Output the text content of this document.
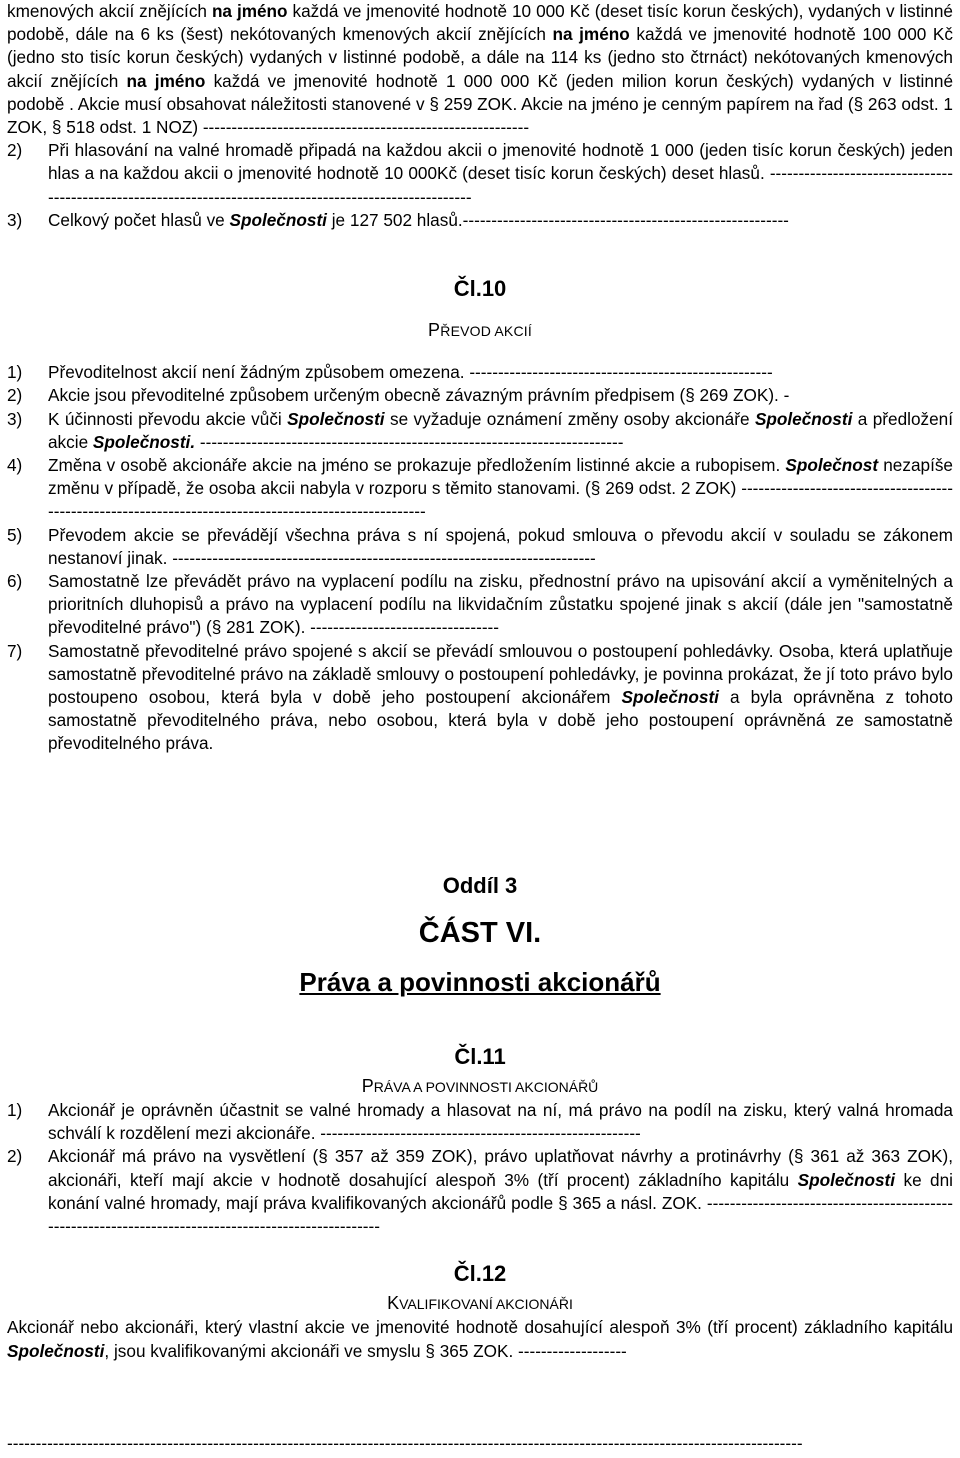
kmenových akcií znějících na jméno každá ve jmenovité hodnotě 10 000 Kč (deset tisíc korun českých), vydaných v listinné podobě, dále na 6 ks (šest) nekótovaných kmenových akcií znějících na jméno každá ve jmenovité hodnotě 100 000 Kč (jedno sto tisíc korun českých) vydaných v listinné podobě, a dále na 114 ks (jedno sto čtrnáct) nekótovaných kmenových akcií znějících na jméno každá ve jmenovité hodnotě 1 000 000 Kč (jeden milion korun českých) vydaných v listinné podobě . Akcie musí obsahovat náležitosti stanovené v § 259 ZOK. Akcie na jméno je cenným papírem na řad (§ 263 odst. 1 ZOK, § 518 odst. 1 NOZ) ---------------------------------------------------------
2)	Při hlasování na valné hromadě připadá na každou akcii o jmenovité hodnotě 1 000 (jeden tisíc korun českých) jeden hlas a na každou akcii o jmenovité hodnotě 10 000Kč (deset tisíc korun českých) deset hlasů. ----------------------------------------------------------------------------------------------------------
3)	Celkový počet hlasů ve Společnosti je 127 502 hlasů.---------------------------------------------------------
Čl.10
PŘEVOD AKCIÍ
1)	Převoditelnost akcií není žádným způsobem omezena. -----------------------------------------------------
2)	Akcie jsou převoditelné způsobem určeným obecně závazným právním předpisem (§ 269 ZOK). -
3)	K účinnosti převodu akcie vůči Společnosti se vyžaduje oznámení změny osoby akcionáře Společnosti a předložení akcie Společnosti. --------------------------------------------------------------------------
4)	Změna v osobě akcionáře akcie na jméno se prokazuje předložením listinné akcie a rubopisem. Společnost nezapíše změnu v případě, že osoba akcii nabyla v rozporu s těmito stanovami. (§ 269 odst. 2 ZOK) -------------------------------------------------------------------------------------------------------
5)	Převodem akcie se převádějí všechna práva s ní spojená, pokud smlouva o převodu akcií v souladu se zákonem nestanoví jinak. --------------------------------------------------------------------------
6)	Samostatně lze převádět právo na vyplacení podílu na zisku, přednostní právo na upisování akcií a vyměnitelných a prioritních dluhopisů a právo na vyplacení podílu na likvidačním zůstatku spojené jinak s akcií (dále jen "samostatně převoditelné právo") (§ 281 ZOK). ---------------------------------
7)	Samostatně převoditelné právo spojené s akcií se převádí smlouvou o postoupení pohledávky. Osoba, která uplatňuje samostatně převoditelné právo na základě smlouvy o postoupení pohledávky, je povinna prokázat, že jí toto právo bylo postoupeno osobou, která byla v době jeho postoupení akcionářem Společnosti a byla oprávněna z tohoto samostatně převoditelného práva, nebo osobou, která byla v době jeho postoupení oprávněná ze samostatně převoditelného práva.
Oddíl 3
ČÁST VI.
Práva a povinnosti akcionářů
Čl.11
PRÁVA A POVINNOSTI AKCIONÁŘŮ
1)	Akcionář je oprávněn účastnit se valné hromady a hlasovat na ní, má právo na podíl na zisku, který valná hromada schválí k rozdělení mezi akcionáře. --------------------------------------------------------
2)	Akcionář má právo na vysvětlení (§ 357 až 359 ZOK), právo uplatňovat návrhy a protinávrhy (§ 361 až 363 ZOK), akcionáři, kteří mají akcie v hodnotě dosahující alespoň 3% (tří procent) základního kapitálu Společnosti ke dni konání valné hromady, mají práva kvalifikovaných akcionářů podle § 365 a násl. ZOK. -----------------------------------------------------------------------------------------------------
Čl.12
KVALIFIKOVANÍ AKCIONÁŘI
Akcionář nebo akcionáři, který vlastní akcie ve jmenovité hodnotě dosahující alespoň 3% (tří procent) základního kapitálu Společnosti, jsou kvalifikovanými akcionáři ve smyslu § 365 ZOK. -------------------
-------------------------------------------------------------------------------------------------------------------------------------------
